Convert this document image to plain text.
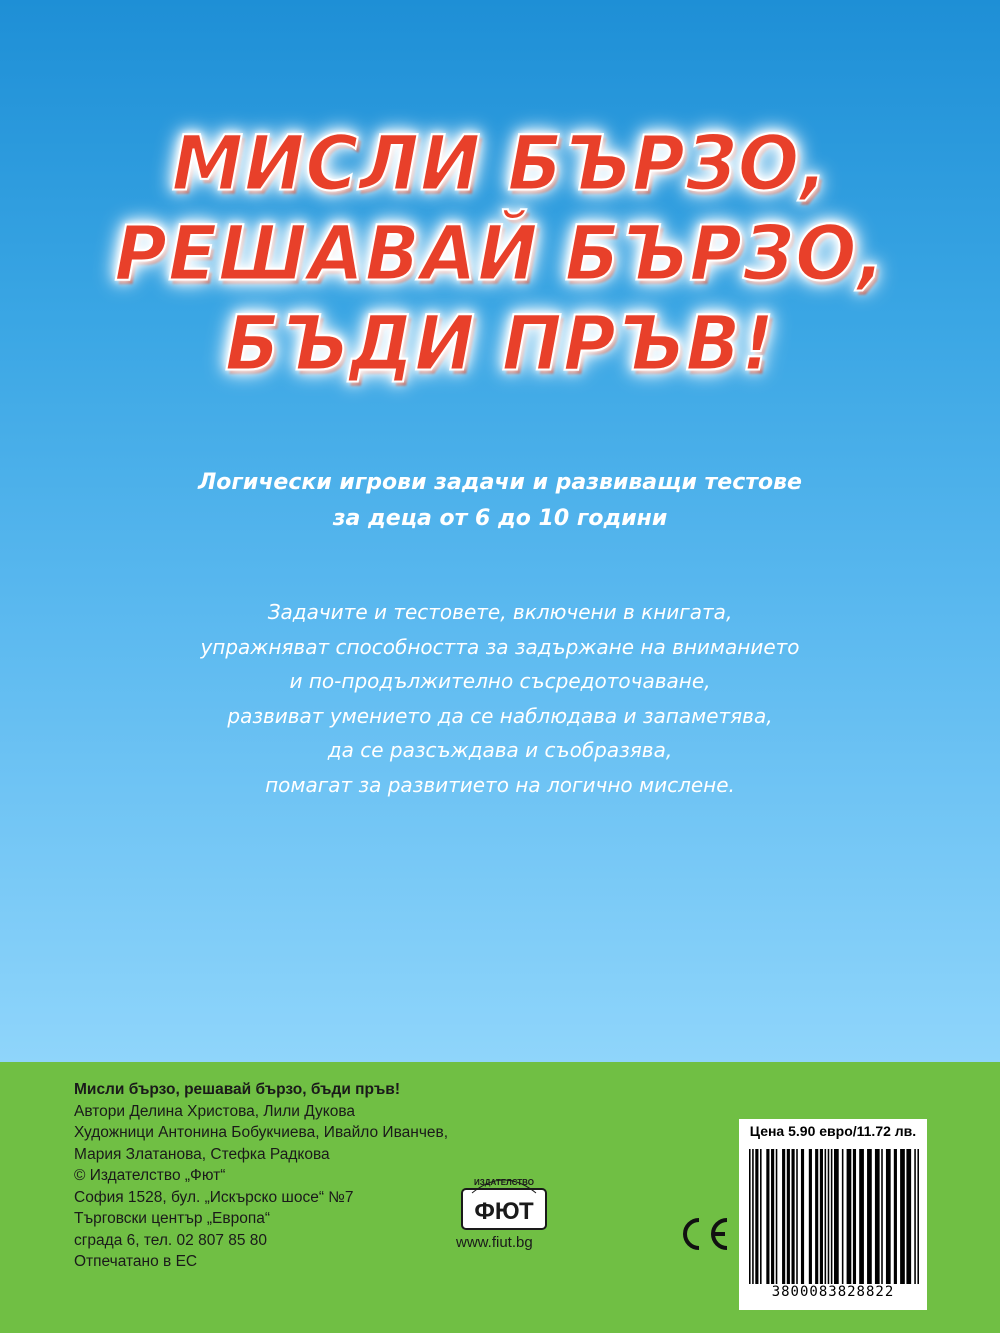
МИСЛИ БЪРЗО,
РЕШАВАЙ БЪРЗО,
БЪДИ ПРЪВ!
Логически игрови задачи и развиващи тестове
за деца от 6 до 10 години
Задачите и тестовете, включени в книгата,
упражняват способността за задържане на вниманието
и по-продължително съсредоточаване,
развиват умението да се наблюдава и запаметява,
да се разсъждава и съобразява,
помагат за развитието на логично мислене.
Мисли бързо, решавай бързо, бъди пръв!
Автори Делина Христова, Лили Дукова
Художници Антонина Бобукчиева, Ивайло Иванчев,
Мария Златанова, Стефка Радкова
© Издателство „Фют“
София 1528, бул. „Искърско шосе“ №7
Търговски център „Европа“
сграда 6, тел. 02 807 85 80
Отпечатано в ЕС
ИЗДАТЕЛСТВО
ФЮТ
www.fiut.bg
Цена 5.90 евро/11.72 лв.
3800083828822
